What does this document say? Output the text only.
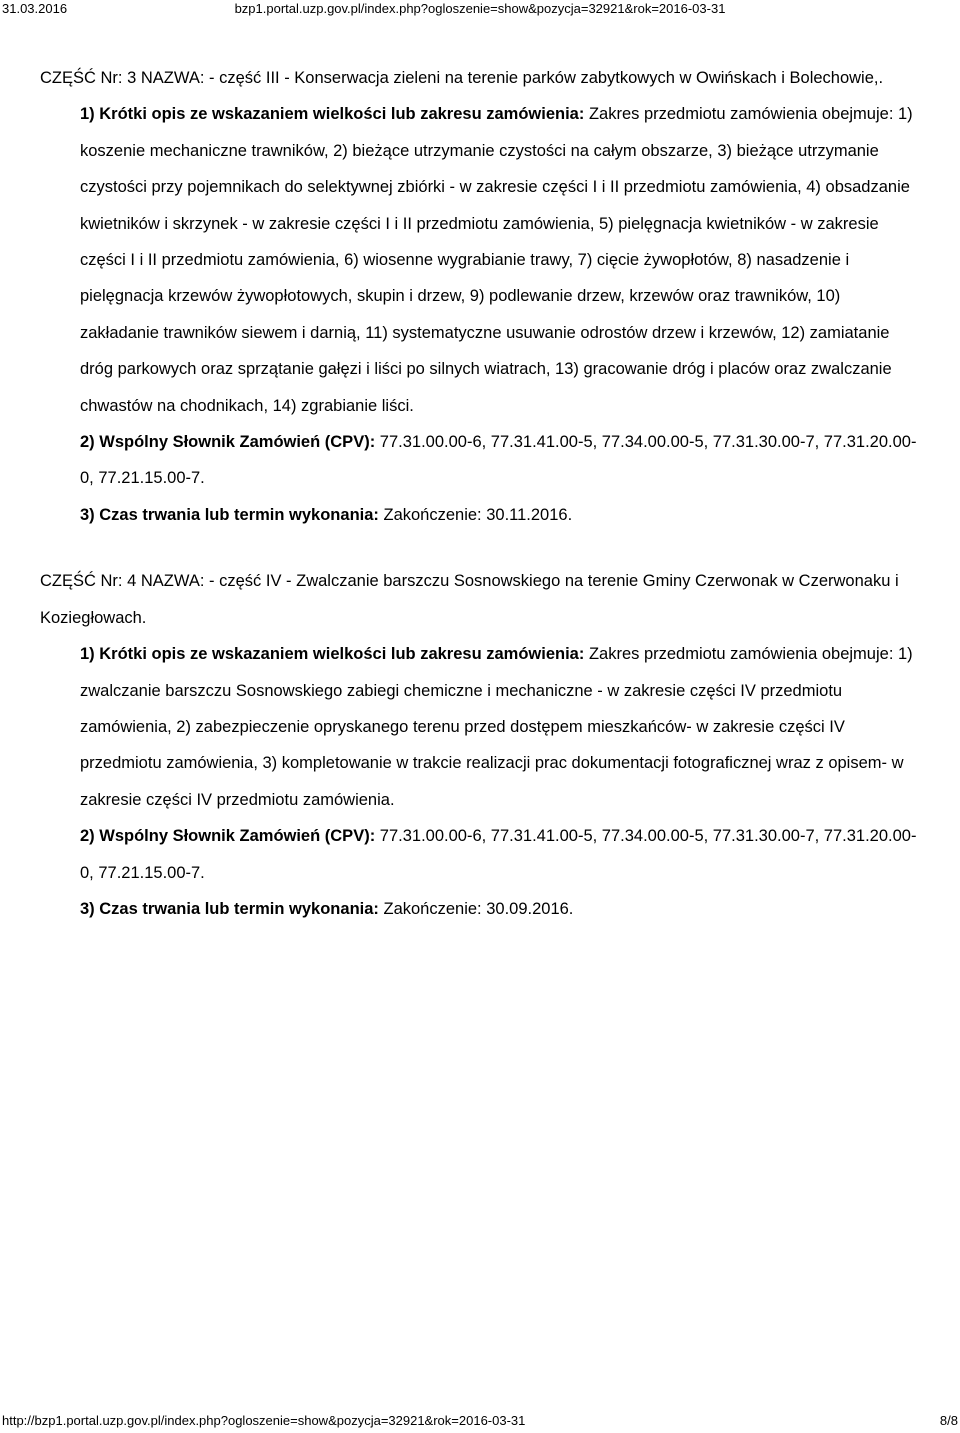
31.03.2016	bzp1.portal.uzp.gov.pl/index.php?ogloszenie=show&pozycja=32921&rok=2016-03-31

CZĘŚĆ Nr: 3 NAZWA: - część III - Konserwacja zieleni na terenie parków zabytkowych w Owińskach i Bolechowie,.

1) Krótki opis ze wskazaniem wielkości lub zakresu zamówienia: Zakres przedmiotu zamówienia obejmuje: 1) koszenie mechaniczne trawników, 2) bieżące utrzymanie czystości na całym obszarze, 3) bieżące utrzymanie czystości przy pojemnikach do selektywnej zbiórki - w zakresie części I i II przedmiotu zamówienia, 4) obsadzanie kwietników i skrzynek - w zakresie części I i II przedmiotu zamówienia, 5) pielęgnacja kwietników - w zakresie części I i II przedmiotu zamówienia, 6) wiosenne wygrabianie trawy, 7) cięcie żywopłotów, 8) nasadzenie i pielęgnacja krzewów żywopłotowych, skupin i drzew, 9) podlewanie drzew, krzewów oraz trawników, 10) zakładanie trawników siewem i darnią, 11) systematyczne usuwanie odrostów drzew i krzewów, 12) zamiatanie dróg parkowych oraz sprzątanie gałęzi i liści po silnych wiatrach, 13) gracowanie dróg i placów oraz zwalczanie chwastów na chodnikach, 14) zgrabianie liści.

2) Wspólny Słownik Zamówień (CPV): 77.31.00.00-6, 77.31.41.00-5, 77.34.00.00-5, 77.31.30.00-7, 77.31.20.00-0, 77.21.15.00-7.

3) Czas trwania lub termin wykonania: Zakończenie: 30.11.2016.

CZĘŚĆ Nr: 4 NAZWA: - część IV - Zwalczanie barszczu Sosnowskiego na terenie Gminy Czerwonak w Czerwonaku i Koziegłowach.

1) Krótki opis ze wskazaniem wielkości lub zakresu zamówienia: Zakres przedmiotu zamówienia obejmuje: 1) zwalczanie barszczu Sosnowskiego zabiegi chemiczne i mechaniczne - w zakresie części IV przedmiotu zamówienia, 2) zabezpieczenie opryskanego terenu przed dostępem mieszkańców- w zakresie części IV przedmiotu zamówienia, 3) kompletowanie w trakcie realizacji prac dokumentacji fotograficznej wraz z opisem- w zakresie części IV przedmiotu zamówienia.

2) Wspólny Słownik Zamówień (CPV): 77.31.00.00-6, 77.31.41.00-5, 77.34.00.00-5, 77.31.30.00-7, 77.31.20.00-0, 77.21.15.00-7.

3) Czas trwania lub termin wykonania: Zakończenie: 30.09.2016.

http://bzp1.portal.uzp.gov.pl/index.php?ogloszenie=show&pozycja=32921&rok=2016-03-31	8/8
